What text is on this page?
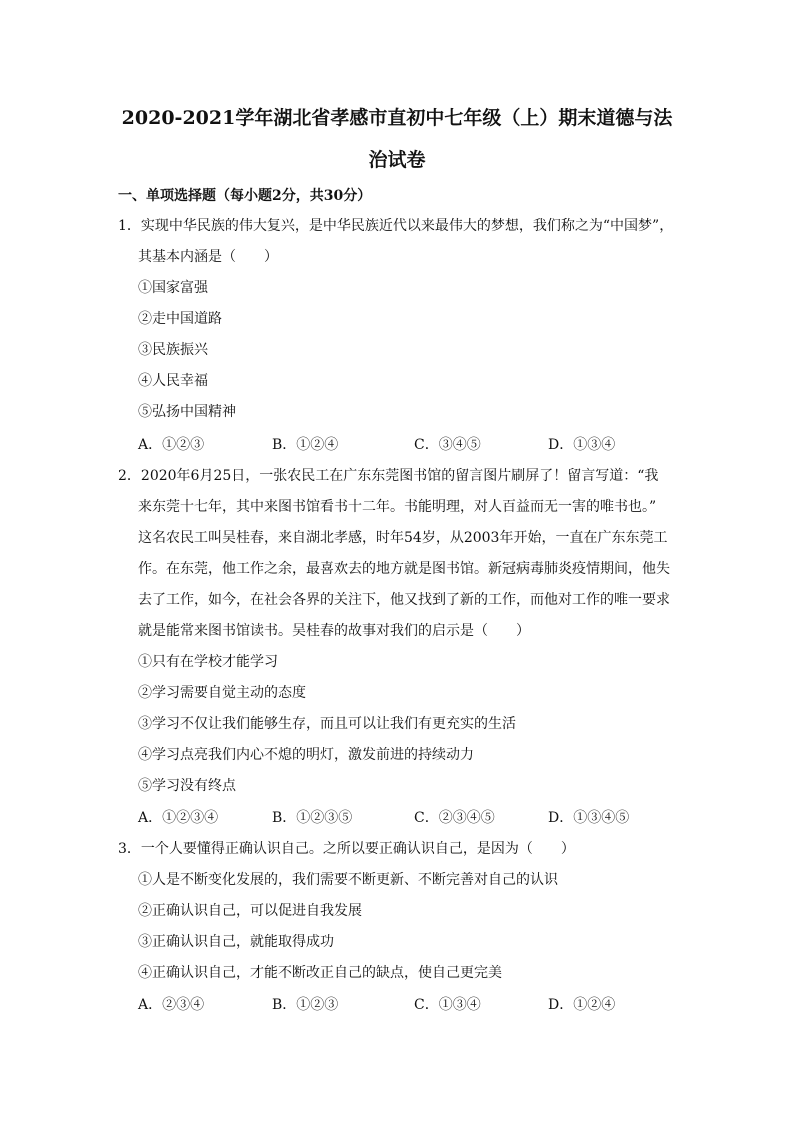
2020-2021学年湖北省孝感市直初中七年级（上）期末道德与法
治试卷
一、单项选择题（每小题2分，共30分）
1．实现中华民族的伟大复兴，是中华民族近代以来最伟大的梦想，我们称之为“中国梦”，
其基本内涵是（　　）
①国家富强
②走中国道路
③民族振兴
④人民幸福
⑤弘扬中国精神
A．①②③	B．①②④	C．③④⑤	D．①③④
2．2020年6月25日，一张农民工在广东东莞图书馆的留言图片刷屏了！留言写道：“我
来东莞十七年，其中来图书馆看书十二年。书能明理，对人百益而无一害的唯书也。”
这名农民工叫吴桂春，来自湖北孝感，时年54岁，从2003年开始，一直在广东东莞工
作。在东莞，他工作之余，最喜欢去的地方就是图书馆。新冠病毒肺炎疫情期间，他失
去了工作，如今，在社会各界的关注下，他又找到了新的工作，而他对工作的唯一要求
就是能常来图书馆读书。吴桂春的故事对我们的启示是（　　）
①只有在学校才能学习
②学习需要自觉主动的态度
③学习不仅让我们能够生存，而且可以让我们有更充实的生活
④学习点亮我们内心不熄的明灯，激发前进的持续动力
⑤学习没有终点
A．①②③④	B．①②③⑤	C．②③④⑤	D．①③④⑤
3．一个人要懂得正确认识自己。之所以要正确认识自己，是因为（　　）
①人是不断变化发展的，我们需要不断更新、不断完善对自己的认识
②正确认识自己，可以促进自我发展
③正确认识自己，就能取得成功
④正确认识自己，才能不断改正自己的缺点，使自己更完美
A．②③④	B．①②③	C．①③④	D．①②④
